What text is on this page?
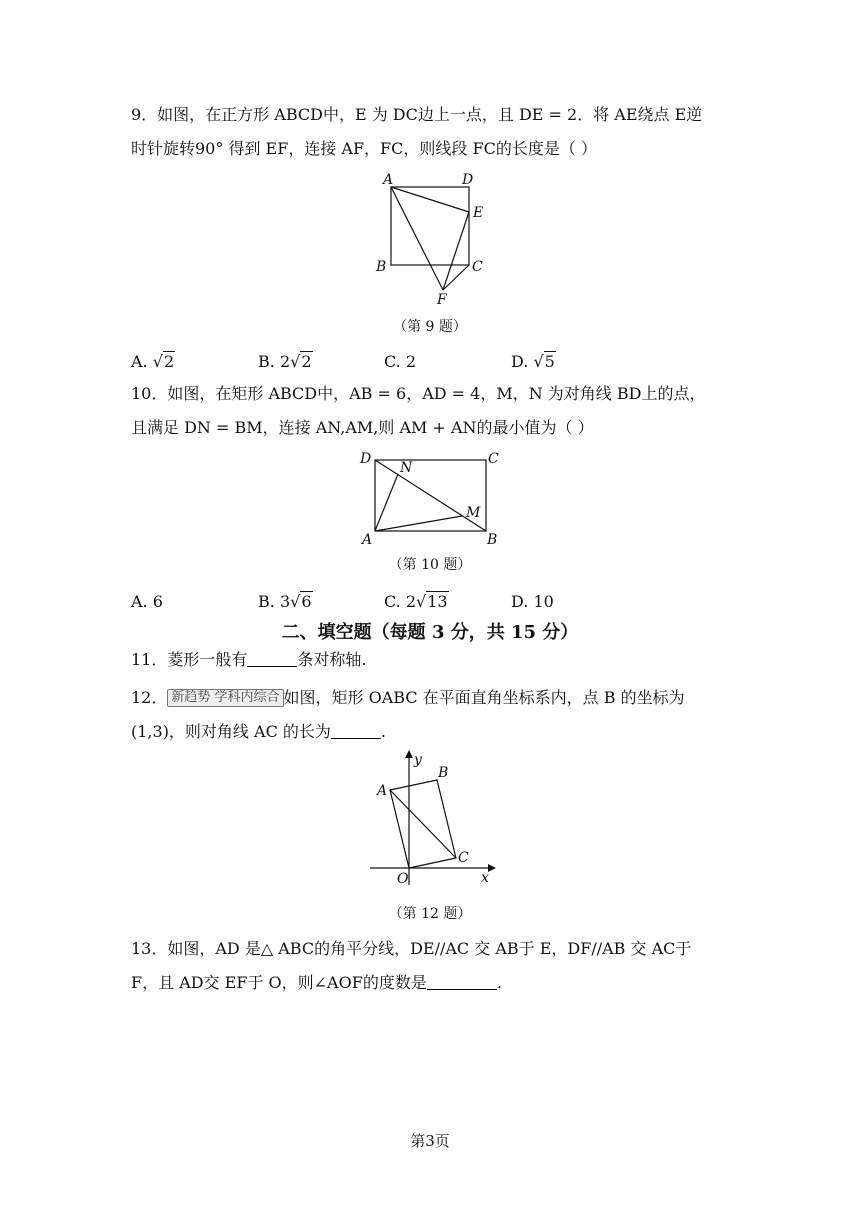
9．如图，在正方形 ABCD中，E 为 DC边上一点，且 DE = 2．将 AE绕点 E逆
时针旋转90° 得到 EF，连接 AF，FC，则线段 FC的长度是（ ）
A	D
E
B	C
F
（第 9 题）
A. √2	B. 2√2	C. 2	D. √5
10．如图，在矩形 ABCD中，AB = 6，AD = 4，M，N 为对角线 BD上的点，
且满足 DN = BM，连接 AN,AM,则 AM + AN的最小值为（ ）
D
N
C
M
A	B
（第 10 题）
A. 6	B. 3√6	C. 2√13	D. 10
二、填空题（每题 3 分，共 15 分）
11．菱形一般有	条对称轴.
12． 新趋势 学科内综合 如图，矩形 OABC 在平面直角坐标系内，点 B 的坐标为
(1,3)，则对角线 AC 的长为	.
y
B
A
C
O	x
（第 12 题）
13．如图，AD 是△ ABC的角平分线，DE//AC 交 AB于 E，DF//AB 交 AC于
F，且 AD交 EF于 O，则∠AOF的度数是	.
第3页
